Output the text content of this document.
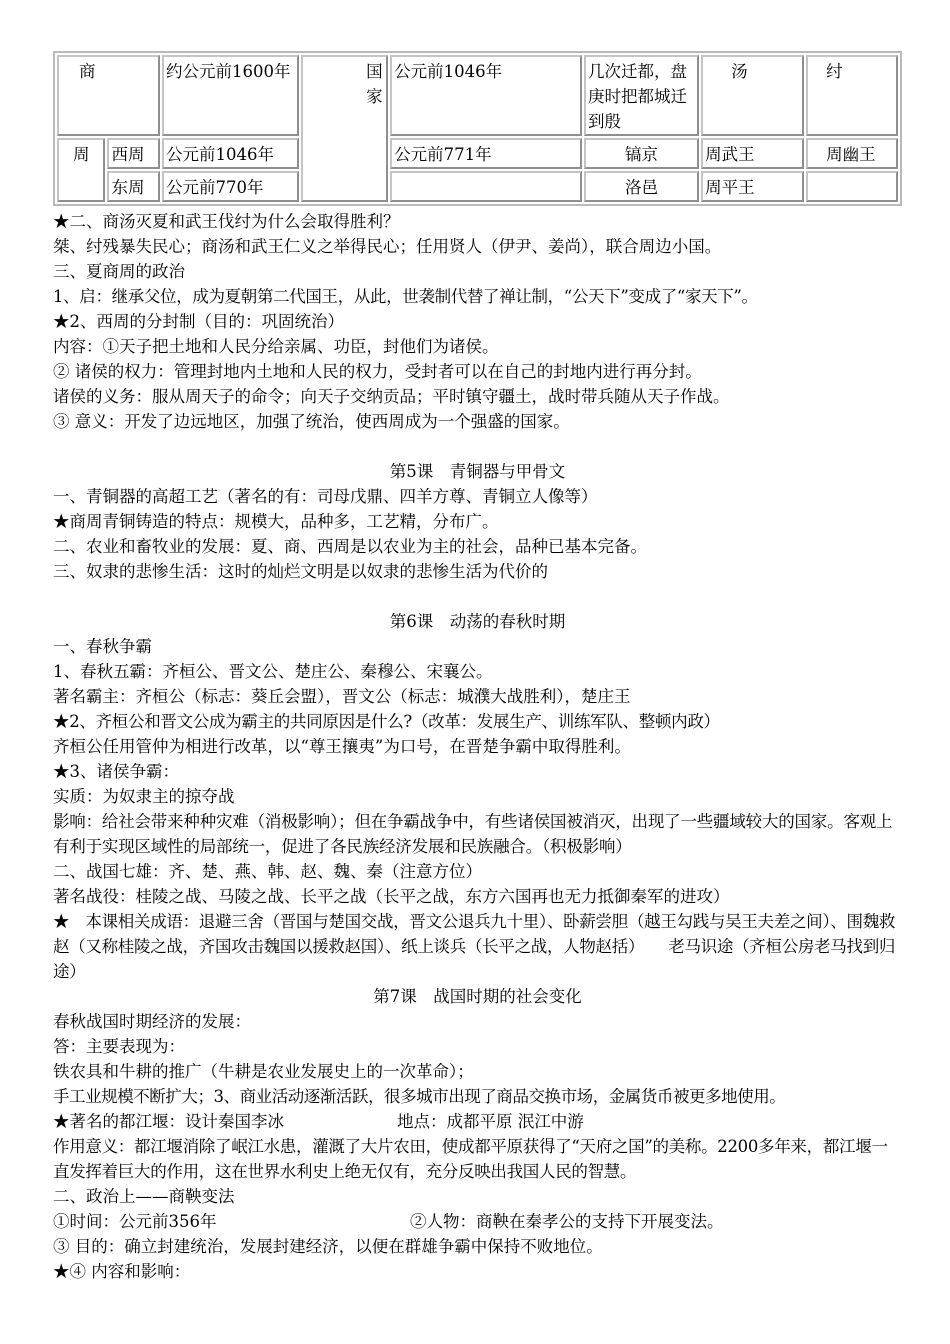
商		约公元前1600年	国家	公元前1046年	几次迁都，盘庚时把都城迁到殷	汤	纣
周	西周	公元前1046年		公元前771年	镐京	周武王	周幽王
	东周	公元前770年			洛邑	周平王	
★二、商汤灭夏和武王伐纣为什么会取得胜利？
桀、纣残暴失民心；商汤和武王仁义之举得民心；任用贤人（伊尹、姜尚），联合周边小国。
三、夏商周的政治
1、启：继承父位，成为夏朝第二代国王，从此，世袭制代替了禅让制，“公天下”变成了“家天下”。
★2、西周的分封制（目的：巩固统治）
内容：①天子把土地和人民分给亲属、功臣，封他们为诸侯。
② 诸侯的权力：管理封地内土地和人民的权力，受封者可以在自己的封地内进行再分封。
诸侯的义务：服从周天子的命令；向天子交纳贡品；平时镇守疆土，战时带兵随从天子作战。
③ 意义：开发了边远地区，加强了统治，使西周成为一个强盛的国家。
第5课　青铜器与甲骨文
一、青铜器的高超工艺（著名的有：司母戊鼎、四羊方尊、青铜立人像等）
★商周青铜铸造的特点：规模大，品种多，工艺精，分布广。
二、农业和畜牧业的发展：夏、商、西周是以农业为主的社会，品种已基本完备。
三、奴隶的悲惨生活：这时的灿烂文明是以奴隶的悲惨生活为代价的
第6课　动荡的春秋时期
一、春秋争霸
1、春秋五霸：齐桓公、晋文公、楚庄公、秦穆公、宋襄公。
著名霸主：齐桓公（标志：葵丘会盟），晋文公（标志：城濮大战胜利），楚庄王
★2、齐桓公和晋文公成为霸主的共同原因是什么?（改革：发展生产、训练军队、整顿内政）
齐桓公任用管仲为相进行改革，以“尊王攘夷”为口号，在晋楚争霸中取得胜利。
★3、诸侯争霸：
实质：为奴隶主的掠夺战
影响：给社会带来种种灾难（消极影响）；但在争霸战争中，有些诸侯国被消灭，出现了一些疆域较大的国家。客观上有利于实现区域性的局部统一，促进了各民族经济发展和民族融合。（积极影响）
二、战国七雄：齐、楚、燕、韩、赵、魏、秦（注意方位）
著名战役：桂陵之战、马陵之战、长平之战（长平之战，东方六国再也无力抵御秦军的进攻）
★　本课相关成语：退避三舍（晋国与楚国交战，晋文公退兵九十里）、卧薪尝胆（越王勾践与吴王夫差之间）、围魏救赵（又称桂陵之战，齐国攻击魏国以援救赵国）、纸上谈兵（长平之战，人物赵括）　　老马识途（齐桓公房老马找到归途）
第7课　战国时期的社会变化
春秋战国时期经济的发展：
答：主要表现为：
铁农具和牛耕的推广（牛耕是农业发展史上的一次革命）；
手工业规模不断扩大；3、商业活动逐渐活跃，很多城市出现了商品交换市场，金属货币被更多地使用。
★著名的都江堰：设计秦国李冰	地点：成都平原 泯江中游
作用意义：都江堰消除了岷江水患，灌溉了大片农田，使成都平原获得了“天府之国”的美称。2200多年来，都江堰一直发挥着巨大的作用，这在世界水利史上绝无仅有，充分反映出我国人民的智慧。
二、政治上——商鞅变法
①时间：公元前356年	②人物：商鞅在秦孝公的支持下开展变法。
③ 目的：确立封建统治，发展封建经济，以便在群雄争霸中保持不败地位。
★④ 内容和影响：
